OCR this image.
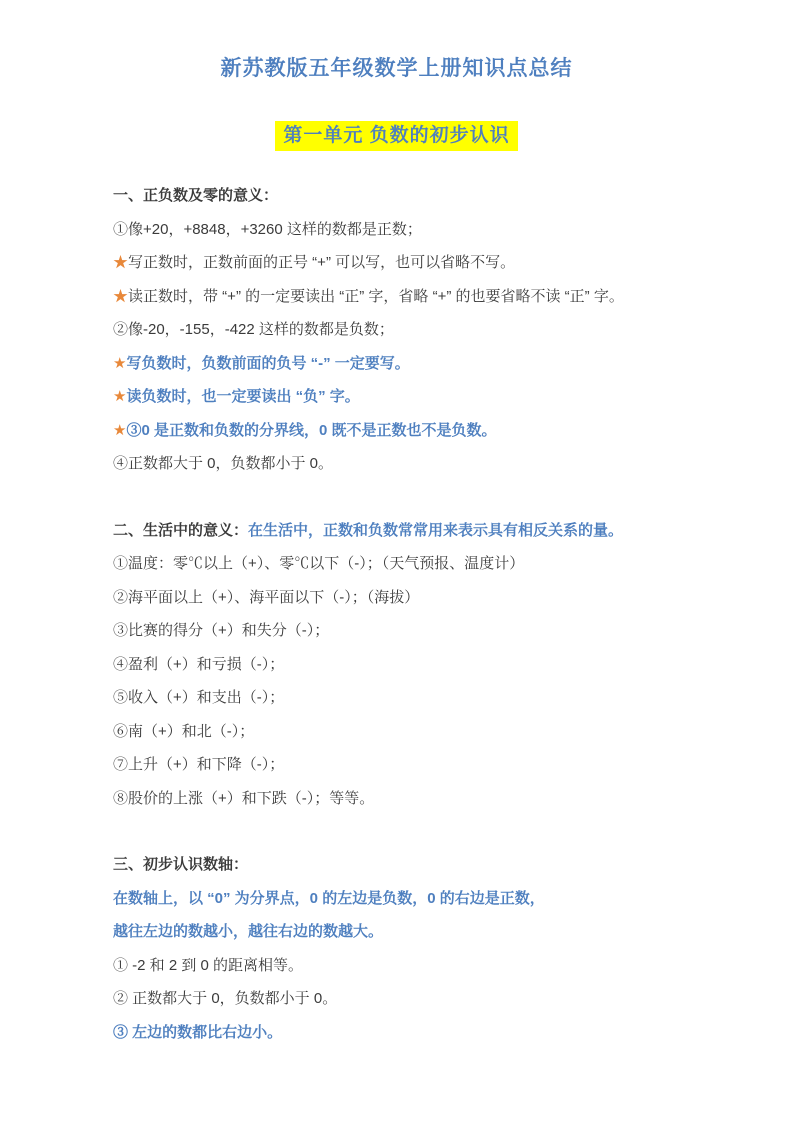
新苏教版五年级数学上册知识点总结
第一单元 负数的初步认识

一、正负数及零的意义：

①像+20，+8848，+3260 这样的数都是正数；

★写正数时，正数前面的正号 “+” 可以写，也可以省略不写。

★读正数时，带 “+” 的一定要读出 “正” 字，省略 “+” 的也要省略不读 “正” 字。

②像-20，-155，-422 这样的数都是负数；

★写负数时，负数前面的负号 “-” 一定要写。

★读负数时，也一定要读出 “负” 字。

★③0 是正数和负数的分界线，0 既不是正数也不是负数。

④正数都大于 0，负数都小于 0。

二、生活中的意义：在生活中，正数和负数常常用来表示具有相反关系的量。

①温度：零℃以上（+）、零℃以下（-）；（天气预报、温度计）

②海平面以上（+）、海平面以下（-）；（海拔）

③比赛的得分（+）和失分（-）；

④盈利（+）和亏损（-）；

⑤收入（+）和支出（-）；

⑥南（+）和北（-）；

⑦上升（+）和下降（-）；

⑧股价的上涨（+）和下跌（-）；等等。

三、初步认识数轴：

在数轴上，以 “0” 为分界点，0 的左边是负数，0 的右边是正数，

越往左边的数越小，越往右边的数越大。

① -2 和 2 到 0 的距离相等。

② 正数都大于 0，负数都小于 0。

③ 左边的数都比右边小。
